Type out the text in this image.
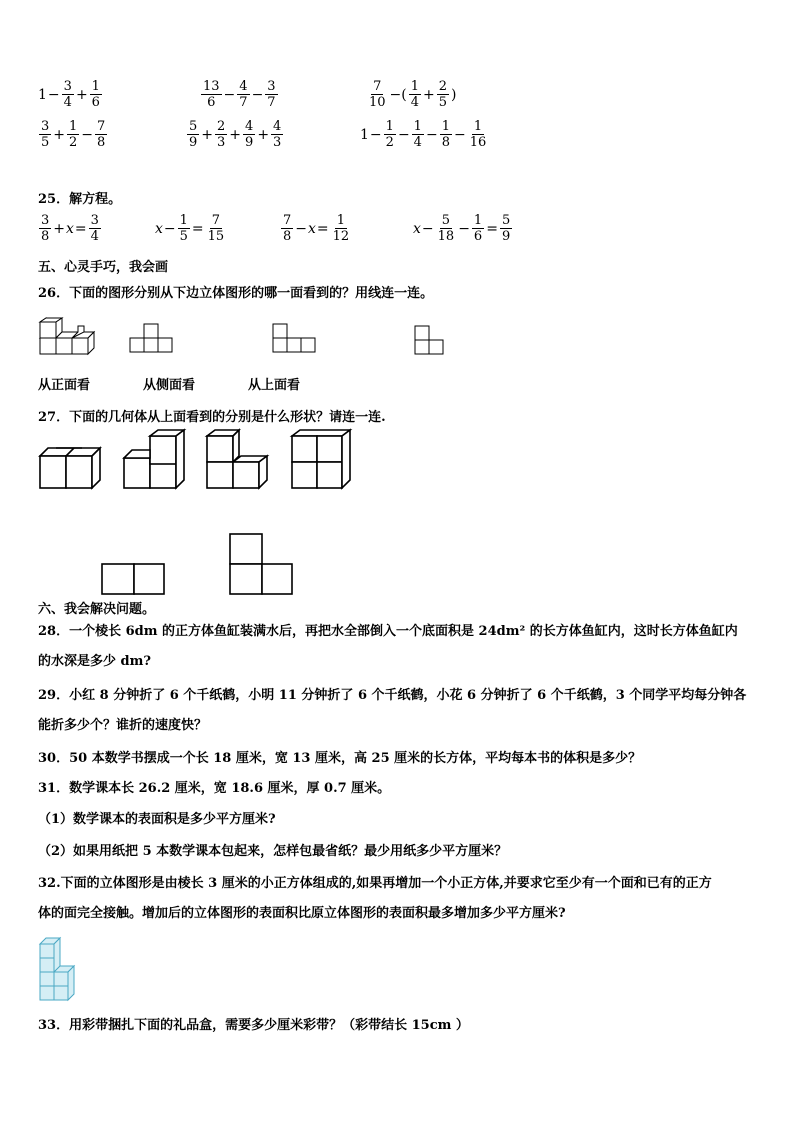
$1 - \frac{3}{4} + \frac{1}{6}$	$\frac{13}{6} - \frac{4}{7} - \frac{3}{7}$	$\frac{7}{10}$ −( $\frac{1}{4} + \frac{2}{5}$ )
$\frac{3}{5} + \frac{1}{2} - \frac{7}{8}$	$\frac{5}{9} + \frac{2}{3} + \frac{4}{9} + \frac{4}{3}$	$1 - \frac{1}{2} - \frac{1}{4} - \frac{1}{8} - \frac{1}{16}$
25．解方程。
$\frac{3}{8} + x = \frac{3}{4}$	$x - \frac{1}{5} = \frac{7}{15}$	$\frac{7}{8} - x = \frac{1}{12}$	$x - \frac{5}{18} - \frac{1}{6} = \frac{5}{9}$
五、心灵手巧，我会画
26．下面的图形分别从下边立体图形的哪一面看到的？用线连一连。
从正面看	从侧面看	从上面看
27．下面的几何体从上面看到的分别是什么形状？请连一连.
六、我会解决问题。
28．一个棱长 6dm 的正方体鱼缸装满水后，再把水全部倒入一个底面积是 24dm² 的长方体鱼缸内，这时长方体鱼缸内
的水深是多少 dm?
29．小红 8 分钟折了 6 个千纸鹤，小明 11 分钟折了 6 个千纸鹤，小花 6 分钟折了 6 个千纸鹤，3 个同学平均每分钟各
能折多少个？谁折的速度快？
30．50 本数学书摆成一个长 18 厘米，宽 13 厘米，高 25 厘米的长方体，平均每本书的体积是多少？
31．数学课本长 26.2 厘米，宽 18.6 厘米，厚 0.7 厘米。
（1）数学课本的表面积是多少平方厘米?
（2）如果用纸把 5 本数学课本包起来，怎样包最省纸？最少用纸多少平方厘米？
32.下面的立体图形是由棱长 3 厘米的小正方体组成的,如果再增加一个小正方体,并要求它至少有一个面和已有的正方
体的面完全接触。增加后的立体图形的表面积比原立体图形的表面积最多增加多少平方厘米?
33．用彩带捆扎下面的礼品盒，需要多少厘米彩带？（彩带结长 15cm ）
